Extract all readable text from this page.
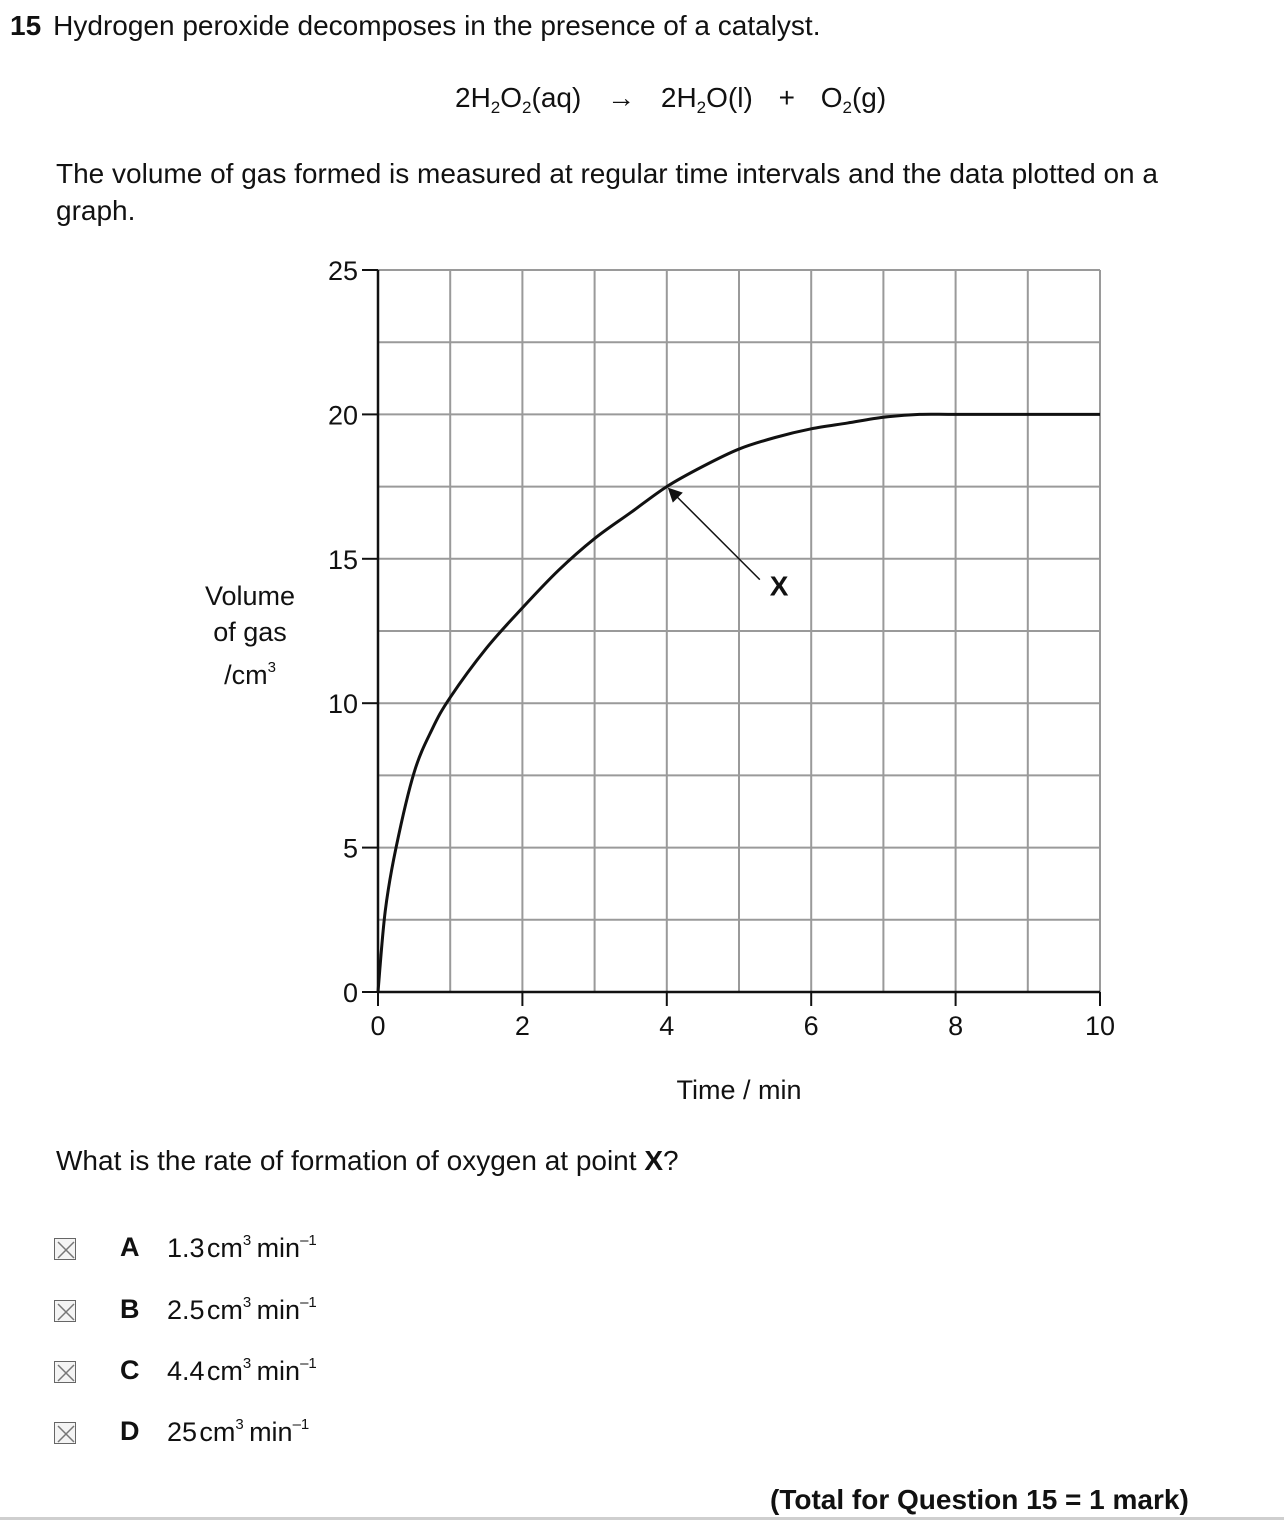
15 Hydrogen peroxide decomposes in the presence of a catalyst.
$2H_2O_2(aq) \to 2H_2O(l) + O_2(g)$
The volume of gas formed is measured at regular time intervals and the data plotted on a graph.
Volume
of gas
$/cm^3$
0
5
10
15
20
25
0	2	4	6	8	10
X
Time / min
What is the rate of formation of oxygen at point X?
A 1.3 $cm^3$  $\min^{-1}$
B 2.5 $cm^3$  $\min^{-1}$
C 4.4 $cm^3$  $\min^{-1}$
D 25 $cm^3$  $\min^{-1}$
(Total for Question 15 = 1 mark)
